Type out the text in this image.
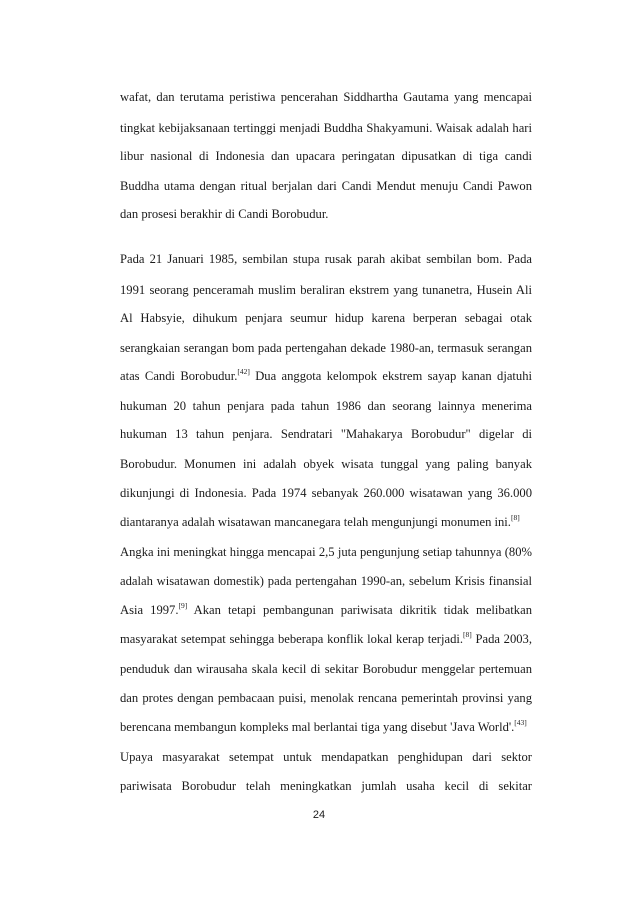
wafat, dan terutama peristiwa pencerahan Siddhartha Gautama yang mencapai
tingkat kebijaksanaan tertinggi menjadi Buddha Shakyamuni. Waisak adalah hari
libur nasional di Indonesia dan upacara peringatan dipusatkan di tiga candi
Buddha utama dengan ritual berjalan dari Candi Mendut menuju Candi Pawon
dan prosesi berakhir di Candi Borobudur.
Pada 21 Januari 1985, sembilan stupa rusak parah akibat sembilan bom. Pada
1991 seorang penceramah muslim beraliran ekstrem yang tunanetra, Husein Ali
Al Habsyie, dihukum penjara seumur hidup karena berperan sebagai otak
serangkaian serangan bom pada pertengahan dekade 1980-an, termasuk serangan
atas Candi Borobudur.[42] Dua anggota kelompok ekstrem sayap kanan djatuhi
hukuman 20 tahun penjara pada tahun 1986 dan seorang lainnya menerima
hukuman 13 tahun penjara. Sendratari "Mahakarya Borobudur" digelar di
Borobudur. Monumen ini adalah obyek wisata tunggal yang paling banyak
dikunjungi di Indonesia. Pada 1974 sebanyak 260.000 wisatawan yang 36.000
diantaranya adalah wisatawan mancanegara telah mengunjungi monumen ini.[8]
Angka ini meningkat hingga mencapai 2,5 juta pengunjung setiap tahunnya (80%
adalah wisatawan domestik) pada pertengahan 1990-an, sebelum Krisis finansial
Asia 1997.[9] Akan tetapi pembangunan pariwisata dikritik tidak melibatkan
masyarakat setempat sehingga beberapa konflik lokal kerap terjadi.[8] Pada 2003,
penduduk dan wirausaha skala kecil di sekitar Borobudur menggelar pertemuan
dan protes dengan pembacaan puisi, menolak rencana pemerintah provinsi yang
berencana membangun kompleks mal berlantai tiga yang disebut 'Java World'.[43]
Upaya masyarakat setempat untuk mendapatkan penghidupan dari sektor
pariwisata Borobudur telah meningkatkan jumlah usaha kecil di sekitar
24
